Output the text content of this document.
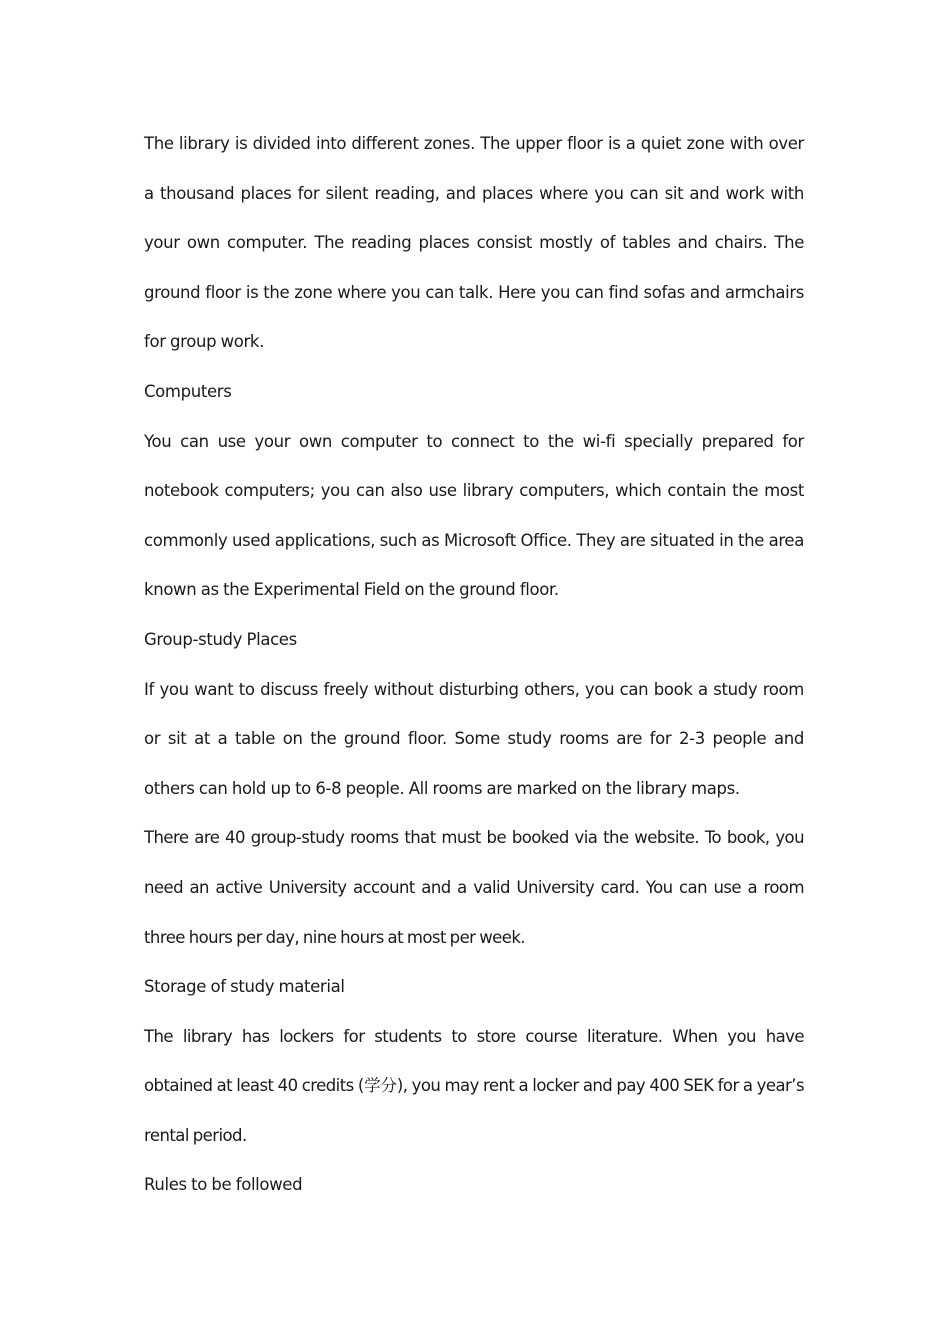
The library is divided into different zones. The upper floor is a quiet zone with over a thousand places for silent reading, and places where you can sit and work with your own computer. The reading places consist mostly of tables and chairs. The ground floor is the zone where you can talk. Here you can find sofas and armchairs for group work.

Computers

You can use your own computer to connect to the wi-fi specially prepared for notebook computers; you can also use library computers, which contain the most commonly used applications, such as Microsoft Office. They are situated in the area known as the Experimental Field on the ground floor.

Group-study Places

If you want to discuss freely without disturbing others, you can book a study room or sit at a table on the ground floor. Some study rooms are for 2-3 people and others can hold up to 6-8 people. All rooms are marked on the library maps.

There are 40 group-study rooms that must be booked via the website. To book, you need an active University account and a valid University card. You can use a room three hours per day, nine hours at most per week.

Storage of study material

The library has lockers for students to store course literature. When you have obtained at least 40 credits (学分), you may rent a locker and pay 400 SEK for a year’s rental period.

Rules to be followed
